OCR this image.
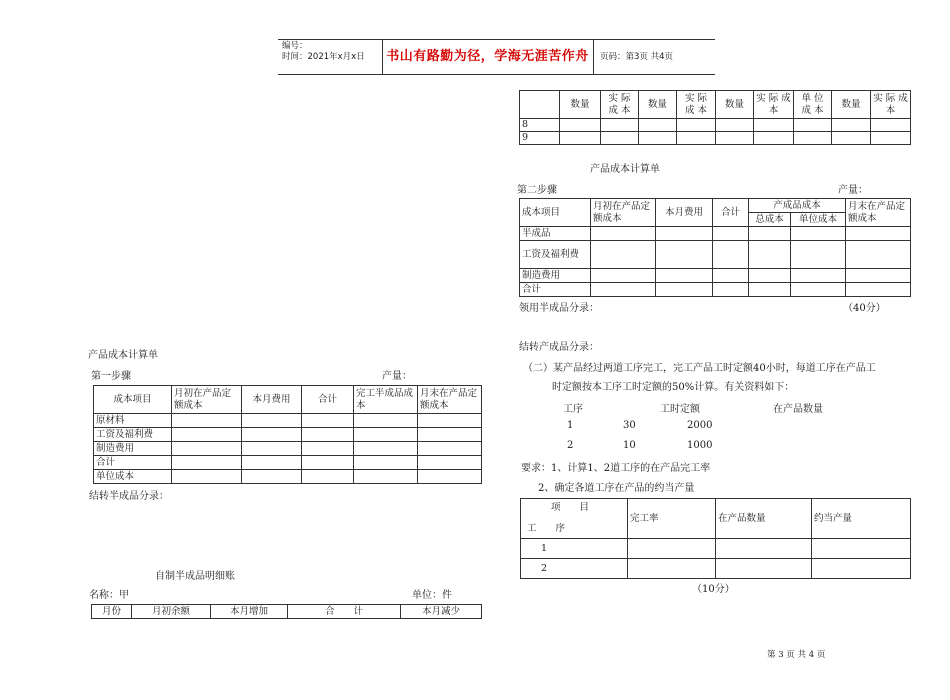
编号：
时间：2021年x月x日	书山有路勤为径，学海无涯苦作舟	页码：第3页 共4页
	数量	实 际 成 本	数量	实 际 成 本	数量	实 际 成 本	单 位 成 本	数量	实 际 成 本
8									
9									
产品成本计算单
第二步骤	产量：
成本项目	月初在产品定额成本	本月费用	合计	产成品成本		月末在产品定额成本
				总成本	单位成本	
半成品						
工资及福利费						
制造费用						
合计						
领用半成品分录：	（40分）
结转产成品分录：
（二）某产品经过两道工序完工，完工产品工时定额40小时，每道工序在产品工
时定额按本工序工时定额的50%计算。有关资料如下：
工序	工时定额	在产品数量
1	30	2000
2	10	1000
要求：1、计算1、2道工序的在产品完工率
2、确定各道工序在产品的约当产量
项　　目
工　　序	完工率	在产品数量	约当产量
1			
2			
（10分）
产品成本计算单
第一步骤	产量：
成本项目	月初在产品定额成本	本月费用	合计	完工半成品成本	月末在产品定额成本
原材料					
工资及福利费					
制造费用					
合计					
单位成本					
结转半成品分录：
自制半成品明细账
名称：甲	单位：件
月份	月初余额	本月增加	合　　计	本月减少
第 3 页 共 4 页
